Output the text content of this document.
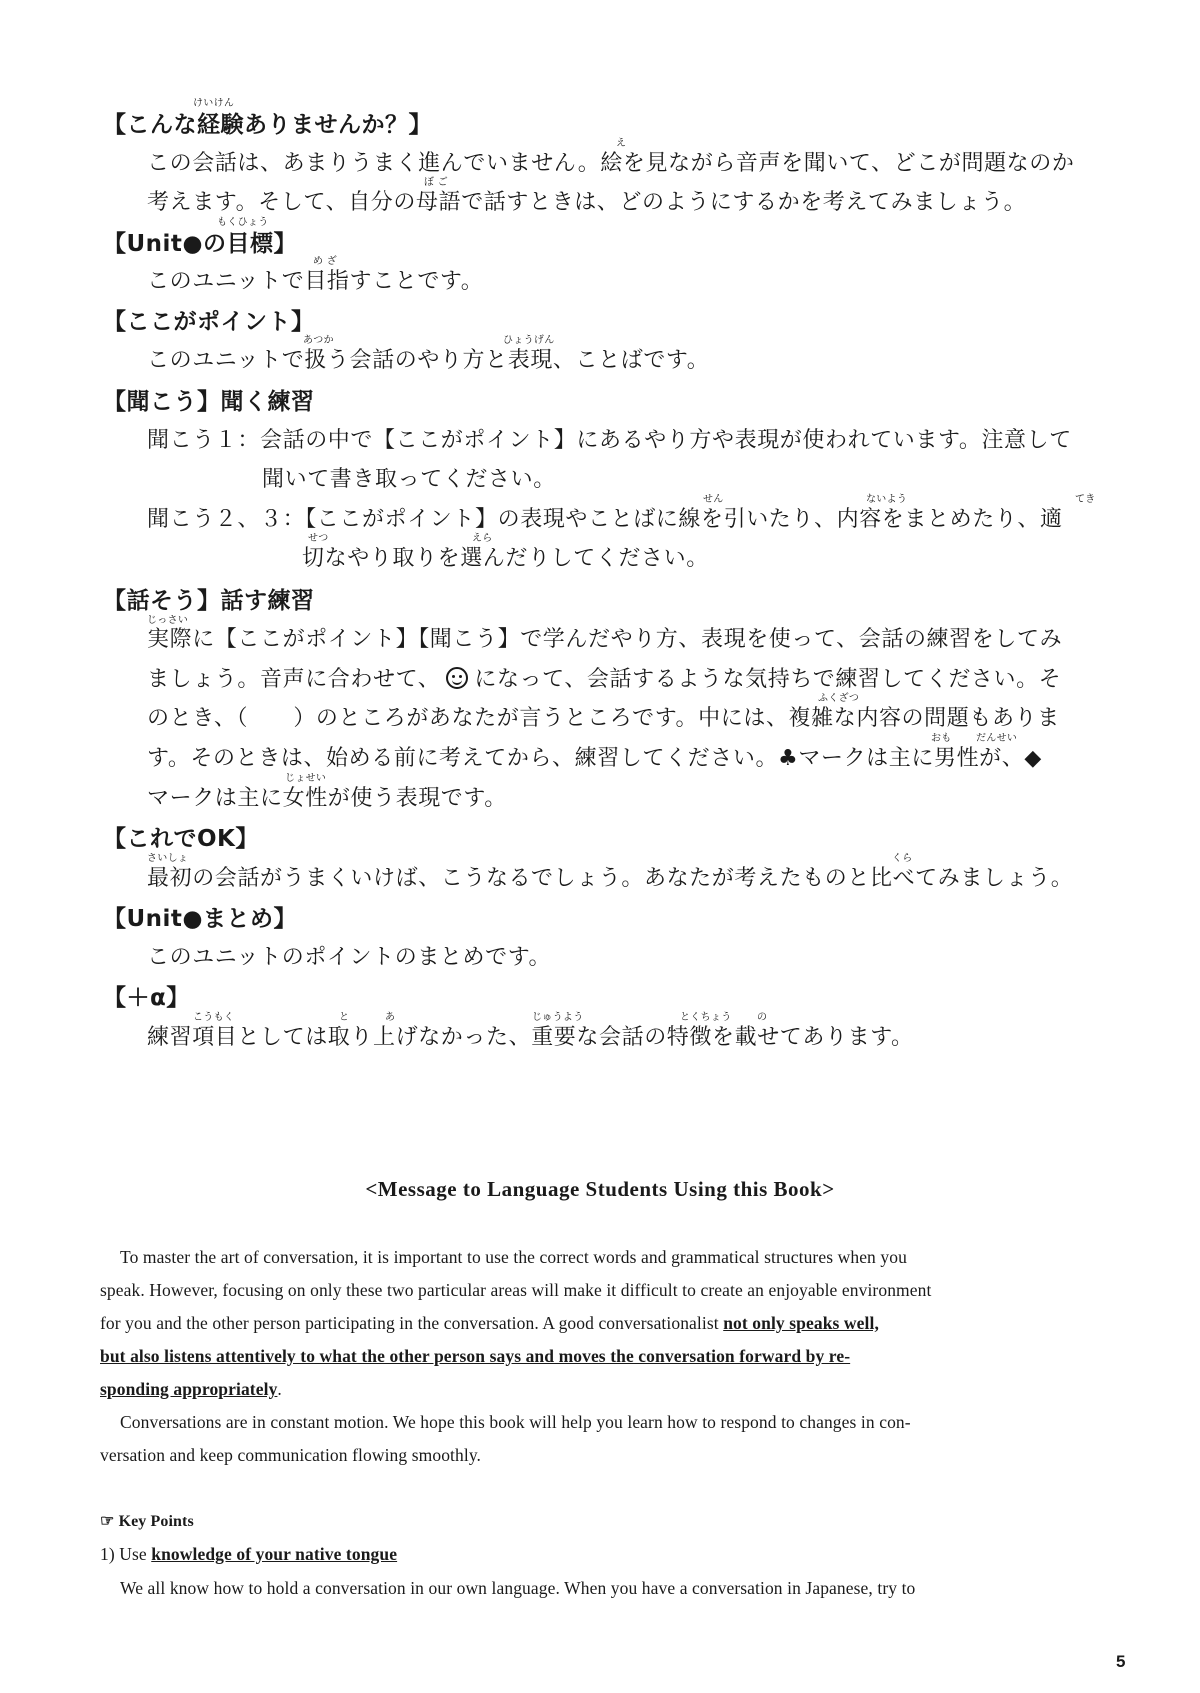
けいけん
【こんな経験ありませんか？】
え
この会話は、あまりうまく進んでいません。絵を見ながら音声を聞いて、どこが問題なのか
ぼ ご
考えます。そして、自分の母語で話すときは、どのようにするかを考えてみましょう。
もくひょう
【Unit●の目標】
め ざ
このユニットで目指すことです。
【ここがポイント】
あつか	ひょうげん
このユニットで扱う会話のやり方と表現、ことばです。
【聞こう】聞く練習
聞こう１：会話の中で【ここがポイント】にあるやり方や表現が使われています。注意して
聞いて書き取ってください。
せん	ないよう	てき
聞こう２、３：【ここがポイント】の表現やことばに線を引いたり、内容をまとめたり、適
せつ	えら
切なやり取りを選んだりしてください。
【話そう】話す練習
じっさい
実際に【ここがポイント】【聞こう】で学んだやり方、表現を使って、会話の練習をしてみ
ましょう。音声に合わせて、 になって、会話するような気持ちで練習してください。そ
ふくざつ
のとき、（　　）のところがあなたが言うところです。中には、複雑な内容の問題もありま
おも だんせい
す。そのときは、始める前に考えてから、練習してください。♣マークは主に男性が、◆
じょせい
マークは主に女性が使う表現です。
【これでOK】
さいしょ	くら
最初の会話がうまくいけば、こうなるでしょう。あなたが考えたものと比べてみましょう。
【Unit●まとめ】
このユニットのポイントのまとめです。
【＋α】
こうもく	と	あ	じゅうよう	とくちょう	の
練習項目としては取り上げなかった、重要な会話の特徴を載せてあります。
<Message to Language Students Using this Book>
To master the art of conversation, it is important to use the correct words and grammatical structures when you
speak. However, focusing on only these two particular areas will make it difficult to create an enjoyable environment
for you and the other person participating in the conversation. A good conversationalist not only speaks well,
but also listens attentively to what the other person says and moves the conversation forward by re-
sponding appropriately.
Conversations are in constant motion. We hope this book will help you learn how to respond to changes in con-
versation and keep communication flowing smoothly.
☞ Key Points
1) Use knowledge of your native tongue
We all know how to hold a conversation in our own language. When you have a conversation in Japanese, try to
5
